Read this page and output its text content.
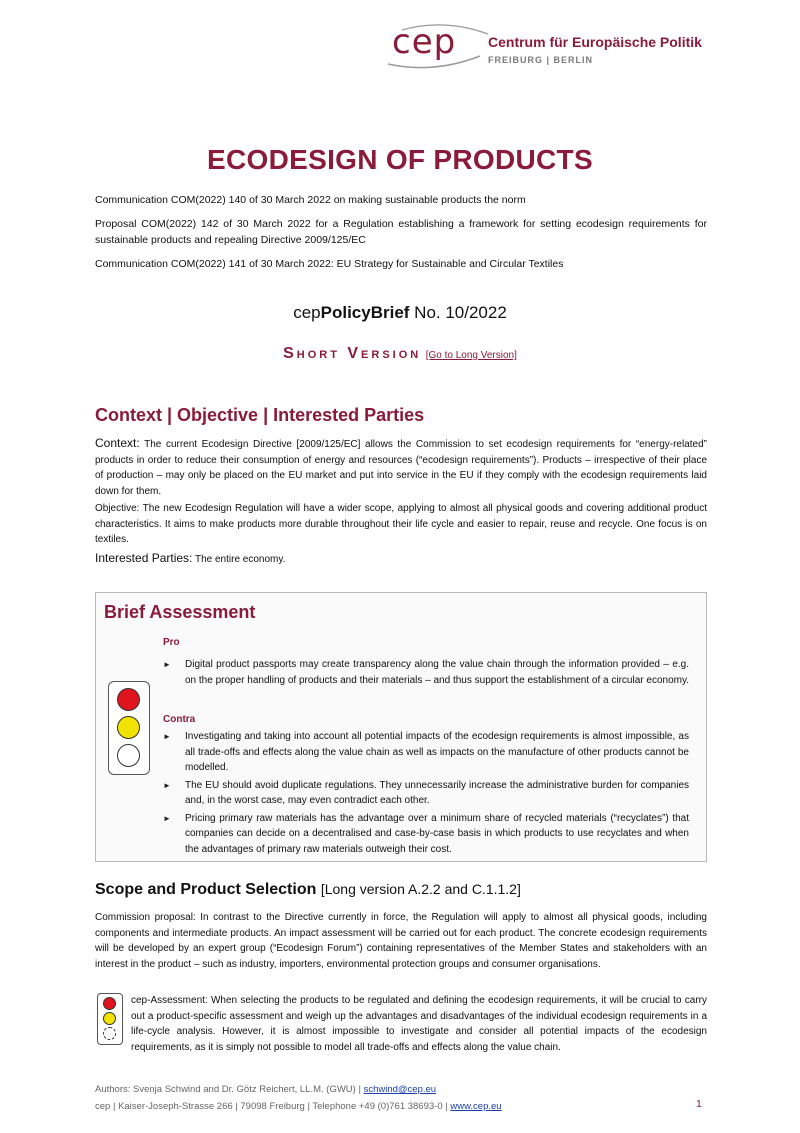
cep Centrum für Europäische Politik
FREIBURG | BERLIN
ECODESIGN OF PRODUCTS
Communication COM(2022) 140 of 30 March 2022 on making sustainable products the norm
Proposal COM(2022) 142 of 30 March 2022 for a Regulation establishing a framework for setting ecodesign requirements for sustainable products and repealing Directive 2009/125/EC
Communication COM(2022) 141 of 30 March 2022: EU Strategy for Sustainable and Circular Textiles
cepPolicyBrief No. 10/2022
Short Version [Go to Long Version]
Context | Objective | Interested Parties
Context: The current Ecodesign Directive [2009/125/EC] allows the Commission to set ecodesign requirements for “energy-related” products in order to reduce their consumption of energy and resources (“ecodesign requirements”). Products – irrespective of their place of production – may only be placed on the EU market and put into service in the EU if they comply with the ecodesign requirements laid down for them.
Objective: The new Ecodesign Regulation will have a wider scope, applying to almost all physical goods and covering additional product characteristics. It aims to make products more durable throughout their life cycle and easier to repair, reuse and recycle. One focus is on textiles.
Interested Parties: The entire economy.
Brief Assessment
Pro
► Digital product passports may create transparency along the value chain through the information provided – e.g. on the proper handling of products and their materials – and thus support the establishment of a circular economy.
Contra
► Investigating and taking into account all potential impacts of the ecodesign requirements is almost impossible, as all trade-offs and effects along the value chain as well as impacts on the manufacture of other products cannot be modelled.
► The EU should avoid duplicate regulations. They unnecessarily increase the administrative burden for companies and, in the worst case, may even contradict each other.
► Pricing primary raw materials has the advantage over a minimum share of recycled materials (“recyclates”) that companies can decide on a decentralised and case-by-case basis in which products to use recyclates and when the advantages of primary raw materials outweigh their cost.
Scope and Product Selection [Long version A.2.2 and C.1.1.2]
Commission proposal: In contrast to the Directive currently in force, the Regulation will apply to almost all physical goods, including components and intermediate products. An impact assessment will be carried out for each product. The concrete ecodesign requirements will be developed by an expert group (“Ecodesign Forum”) containing representatives of the Member States and stakeholders with an interest in the product – such as industry, importers, environmental protection groups and consumer organisations.
cep-Assessment: When selecting the products to be regulated and defining the ecodesign requirements, it will be crucial to carry out a product-specific assessment and weigh up the advantages and disadvantages of the individual ecodesign requirements in a life-cycle analysis. However, it is almost impossible to investigate and consider all potential impacts of the ecodesign requirements, as it is simply not possible to model all trade-offs and effects along the value chain.
Authors: Svenja Schwind and Dr. Götz Reichert, LL.M. (GWU) | schwind@cep.eu
cep | Kaiser-Joseph-Strasse 266 | 79098 Freiburg | Telephone +49 (0)761 38693-0 | www.cep.eu	1
